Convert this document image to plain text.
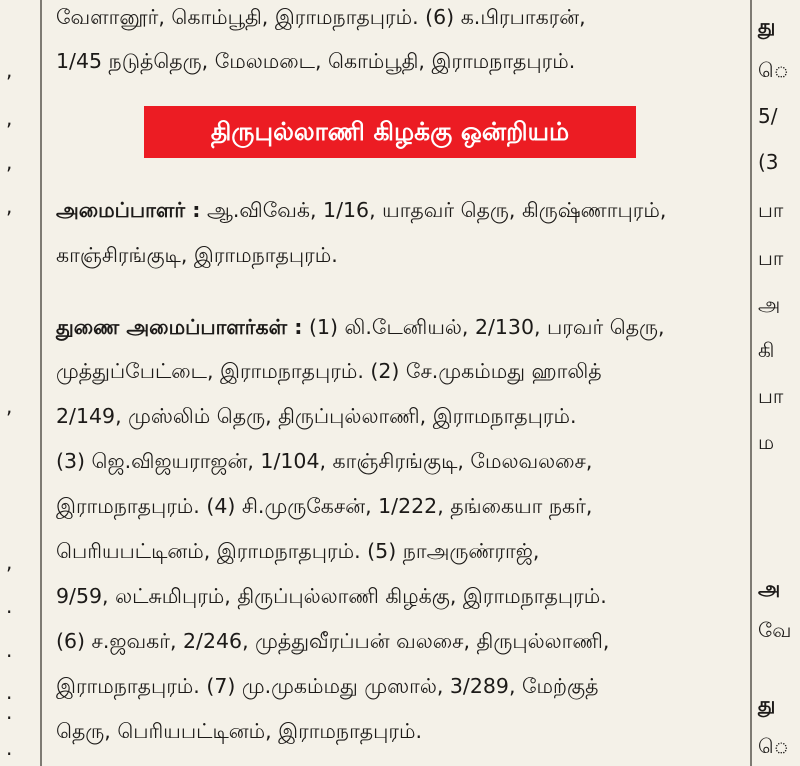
,
,
,
,
,
,
.
.
.
.
.
வேளானூர், கொம்பூதி, இராமநாதபுரம். (6) க.பிரபாகரன்,
1/45 நடுத்தெரு, மேலமடை, கொம்பூதி, இராமநாதபுரம்.
திருபுல்லாணி கிழக்கு ஒன்றியம்
அமைப்பாளர் : ஆ.விவேக், 1/16, யாதவர் தெரு, கிருஷ்ணாபுரம்,
காஞ்சிரங்குடி, இராமநாதபுரம்.
துணை அமைப்பாளர்கள் : (1) லி.டேனியல், 2/130, பரவர் தெரு,
முத்துப்பேட்டை, இராமநாதபுரம். (2) சே.முகம்மது ஹாலித்
2/149, முஸ்லிம் தெரு, திருப்புல்லாணி, இராமநாதபுரம்.
(3) ஜெ.விஜயராஜன், 1/104, காஞ்சிரங்குடி, மேலவலசை,
இராமநாதபுரம். (4) சி.முருகேசன், 1/222, தங்கையா நகர்,
பெரியபட்டினம், இராமநாதபுரம். (5) நாஅருண்ராஜ்,
9/59, லட்சுமிபுரம், திருப்புல்லாணி கிழக்கு, இராமநாதபுரம்.
(6) ச.ஜவகர், 2/246, முத்துவீரப்பன் வலசை, திருபுல்லாணி,
இராமநாதபுரம். (7) மு.முகம்மது முஸால், 3/289, மேற்குத்
தெரு, பெரியபட்டினம், இராமநாதபுரம்.
து
ெ
5/
(3
பா
பா
அ
கி
பா
ம
அ
வே
து
ெ
